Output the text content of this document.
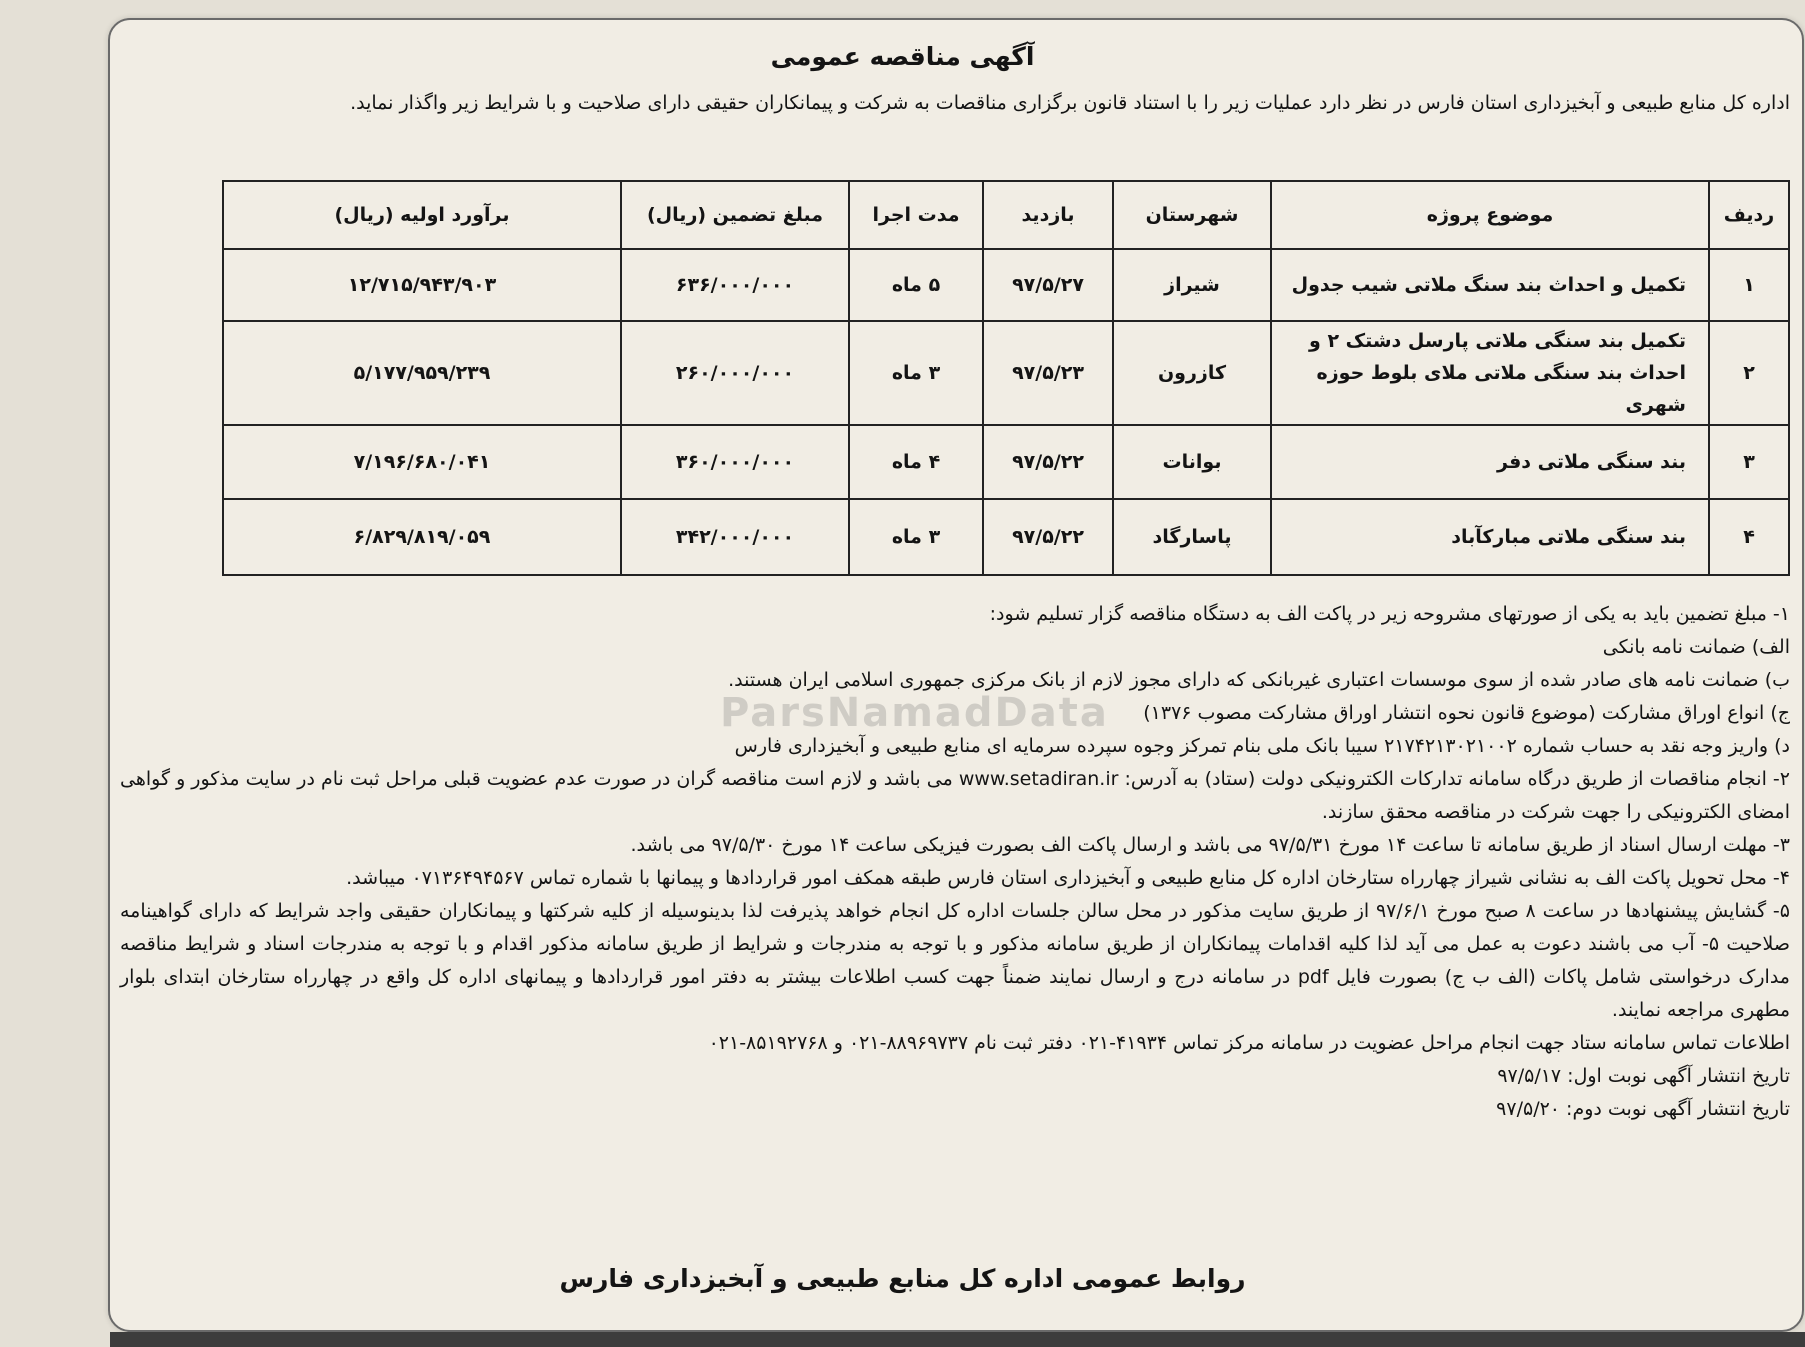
ParsNamadData
آگهی مناقصه عمومی
اداره کل منابع طبیعی و آبخیزداری استان فارس در نظر دارد عملیات زیر را با استناد قانون برگزاری مناقصات به شرکت و پیمانکاران حقیقی دارای صلاحیت و با شرایط زیر واگذار نماید.
ردیف	موضوع پروژه	شهرستان	بازدید	مدت اجرا	مبلغ تضمین (ریال)	برآورد اولیه (ریال)
۱	تکمیل و احداث بند سنگ ملاتی شیب جدول	شیراز	۹۷/۵/۲۷	۵ ماه	۶۳۶/۰۰۰/۰۰۰	۱۲/۷۱۵/۹۴۳/۹۰۳
۲	تکمیل بند سنگی ملاتی پارسل دشتک ۲ و احداث بند سنگی ملاتی ملای بلوط حوزه شهری	کازرون	۹۷/۵/۲۳	۳ ماه	۲۶۰/۰۰۰/۰۰۰	۵/۱۷۷/۹۵۹/۲۳۹
۳	بند سنگی ملاتی دفر	بوانات	۹۷/۵/۲۲	۴ ماه	۳۶۰/۰۰۰/۰۰۰	۷/۱۹۶/۶۸۰/۰۴۱
۴	بند سنگی ملاتی مبارکآباد	پاسارگاد	۹۷/۵/۲۲	۳ ماه	۳۴۲/۰۰۰/۰۰۰	۶/۸۲۹/۸۱۹/۰۵۹

۱- مبلغ تضمین باید به یکی از صورتهای مشروحه زیر در پاکت الف به دستگاه مناقصه گزار تسلیم شود:

الف) ضمانت نامه بانکی

ب) ضمانت نامه های صادر شده از سوی موسسات اعتباری غیربانکی که دارای مجوز لازم از بانک مرکزی جمهوری اسلامی ایران هستند.

ج) انواع اوراق مشارکت (موضوع قانون نحوه انتشار اوراق مشارکت مصوب ۱۳۷۶)

د) واریز وجه نقد به حساب شماره ۲۱۷۴۲۱۳۰۲۱۰۰۲ سیبا بانک ملی بنام تمرکز وجوه سپرده سرمایه ای منابع طبیعی و آبخیزداری فارس

۲- انجام مناقصات از طریق درگاه سامانه تدارکات الکترونیکی دولت (ستاد) به آدرس: www.setadiran.ir می باشد و لازم است مناقصه گران در صورت عدم عضویت قبلی مراحل ثبت نام در سایت مذکور و گواهی امضای الکترونیکی را جهت شرکت در مناقصه محقق سازند.

۳- مهلت ارسال اسناد از طریق سامانه تا ساعت ۱۴ مورخ ۹۷/۵/۳۱ می باشد و ارسال پاکت الف بصورت فیزیکی ساعت ۱۴ مورخ ۹۷/۵/۳۰ می باشد.

۴- محل تحویل پاکت الف به نشانی شیراز چهارراه ستارخان اداره کل منابع طبیعی و آبخیزداری استان فارس طبقه همکف امور قراردادها و پیمانها با شماره تماس ۰۷۱۳۶۴۹۴۵۶۷ میباشد.

۵- گشایش پیشنهادها در ساعت ۸ صبح مورخ ۹۷/۶/۱ از طریق سایت مذکور در محل سالن جلسات اداره کل انجام خواهد پذیرفت لذا بدینوسیله از کلیه شرکتها و پیمانکاران حقیقی واجد شرایط که دارای گواهینامه صلاحیت ۵- آب می باشند دعوت به عمل می آید لذا کلیه اقدامات پیمانکاران از طریق سامانه مذکور و با توجه به مندرجات و شرایط از طریق سامانه مذکور اقدام و با توجه به مندرجات اسناد و شرایط مناقصه مدارک درخواستی شامل پاکات (الف ب ج) بصورت فایل pdf در سامانه درج و ارسال نمایند ضمناً جهت کسب اطلاعات بیشتر به دفتر امور قراردادها و پیمانهای اداره کل واقع در چهارراه ستارخان ابتدای بلوار مطهری مراجعه نمایند.

اطلاعات تماس سامانه ستاد جهت انجام مراحل عضویت در سامانه مرکز تماس ۴۱۹۳۴-۰۲۱ دفتر ثبت نام ۸۸۹۶۹۷۳۷-۰۲۱ و ۸۵۱۹۲۷۶۸-۰۲۱

تاریخ انتشار آگهی نوبت اول: ۹۷/۵/۱۷

تاریخ انتشار آگهی نوبت دوم: ۹۷/۵/۲۰

روابط عمومی اداره کل منابع طبیعی و آبخیزداری فارس
